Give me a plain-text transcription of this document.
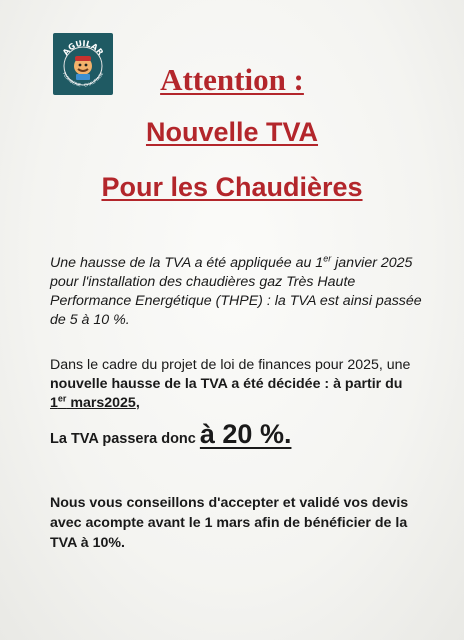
AGUILAR
PLOMBERIE · CHAUFFAGE	Attention :
Nouvelle TVA
Pour les Chaudières

Une hausse de la TVA a été appliquée au 1er janvier 2025 pour l'installation des chaudières gaz Très Haute Performance Energétique (THPE) : la TVA est ainsi passée de 5 à 10 %.

Dans le cadre du projet de loi de finances pour 2025, une nouvelle hausse de la TVA a été décidée : à partir du 1er mars2025,

La TVA passera donc à 20 %.

Nous vous conseillons d'accepter et validé vos devis avec acompte avant le 1 mars afin de bénéficier de la TVA à 10%.
